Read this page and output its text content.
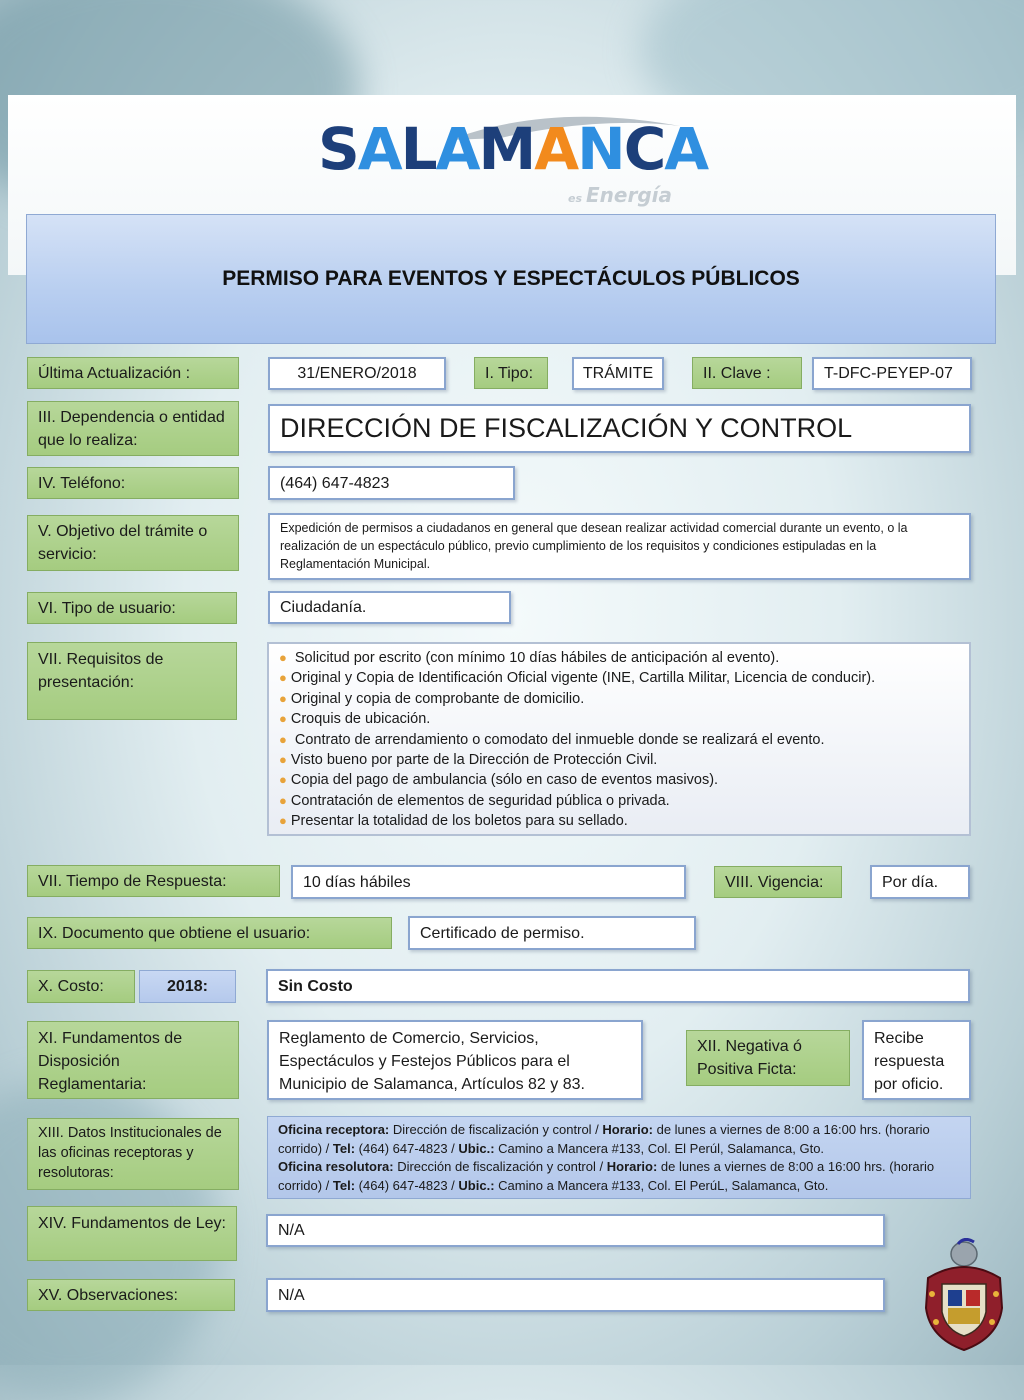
SALAMANCA
es Energía
PERMISO PARA EVENTOS Y ESPECTÁCULOS PÚBLICOS
Última Actualización :	31/ENERO/2018	I. Tipo:	TRÁMITE	II. Clave :	T-DFC-PEYEP-07
III. Dependencia o entidad que lo realiza:	DIRECCIÓN DE FISCALIZACIÓN Y CONTROL
IV. Teléfono:	(464) 647-4823
V. Objetivo del trámite o servicio:
Expedición de permisos a ciudadanos en general que desean realizar actividad comercial durante un evento, o la realización de un espectáculo público, previo cumplimiento de los requisitos y condiciones estipuladas en la Reglamentación Municipal.
VI. Tipo de usuario:	Ciudadanía.
VII. Requisitos de presentación:
● Solicitud por escrito (con mínimo 10 días hábiles de anticipación al evento).
● Original y Copia de Identificación Oficial vigente (INE, Cartilla Militar, Licencia de conducir).
● Original y copia de comprobante de domicilio.
● Croquis de ubicación.
● Contrato de arrendamiento o comodato del inmueble donde se realizará el evento.
● Visto bueno por parte de la Dirección de Protección Civil.
● Copia del pago de ambulancia (sólo en caso de eventos masivos).
● Contratación de elementos de seguridad pública o privada.
● Presentar la totalidad de los boletos para su sellado.
VII. Tiempo de Respuesta:	10 días hábiles	VIII. Vigencia:	Por día.
IX. Documento que obtiene el usuario:	Certificado de permiso.
X. Costo:	2018:	Sin Costo
XI. Fundamentos de Disposición Reglamentaria:
Reglamento de Comercio, Servicios, Espectáculos y Festejos Públicos para el Municipio de Salamanca, Artículos 82 y 83.
XII. Negativa ó Positiva Ficta:
Recibe respuesta por oficio.
XIII. Datos Institucionales de las oficinas receptoras y resolutoras:
Oficina receptora: Dirección de fiscalización y control / Horario: de lunes a viernes de 8:00 a 16:00 hrs. (horario corrido) / Tel: (464) 647-4823 / Ubic.: Camino a Mancera #133, Col. El Perúl, Salamanca, Gto.
Oficina resolutora: Dirección de fiscalización y control / Horario: de lunes a viernes de 8:00 a 16:00 hrs. (horario corrido) / Tel: (464) 647-4823 / Ubic.: Camino a Mancera #133, Col. El PerúL, Salamanca, Gto.
XIV. Fundamentos de Ley:	N/A
XV. Observaciones:	N/A
